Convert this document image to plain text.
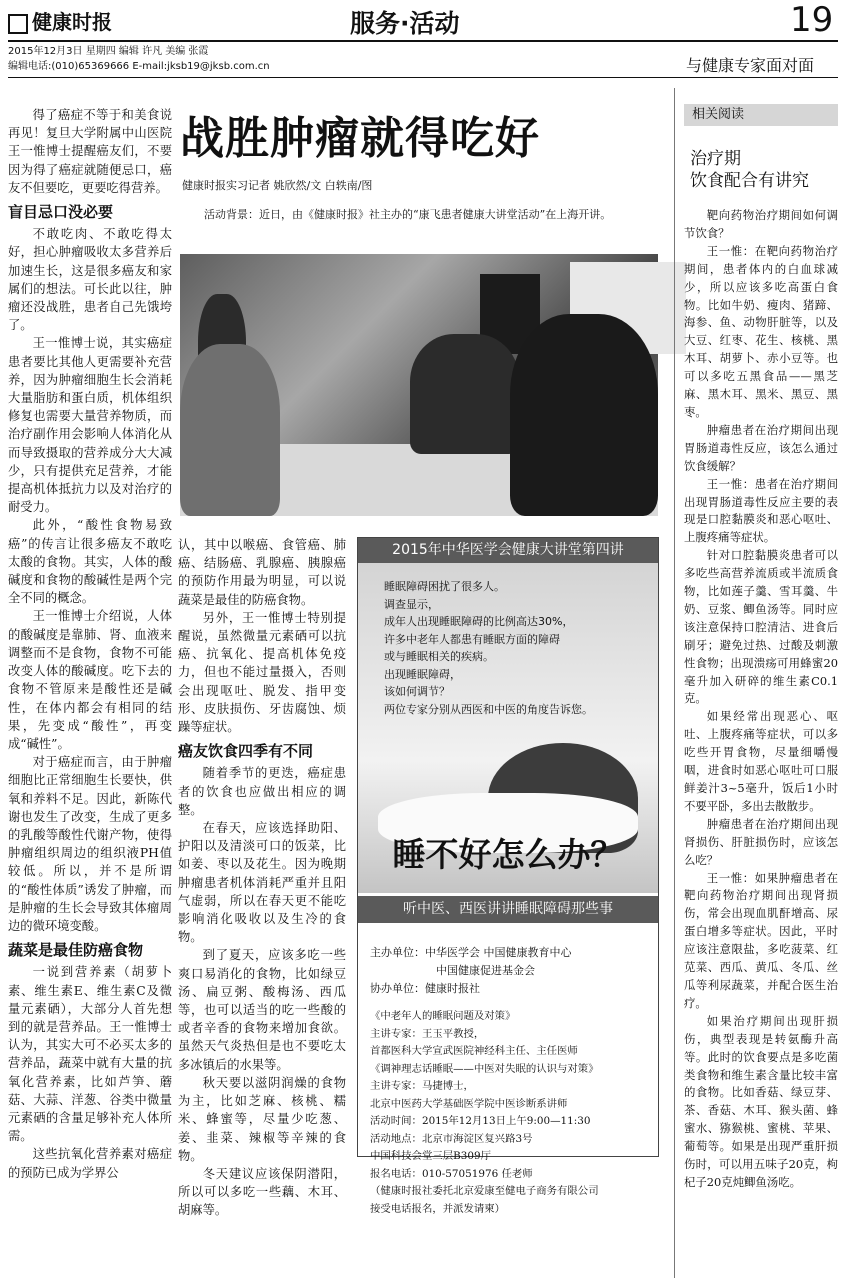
健康时报	服务·活动	19
2015年12月3日 星期四 编辑 许凡 美编 张霞
编辑电话:(010)65369666 E-mail:jksb19@jksb.com.cn	与健康专家面对面

得了癌症不等于和美食说再见！复旦大学附属中山医院王一惟博士提醒癌友们，不要因为得了癌症就随便忌口，癌友不但要吃，更要吃得营养。

盲目忌口没必要

不敢吃肉、不敢吃得太好，担心肿瘤吸收太多营养后加速生长，这是很多癌友和家属们的想法。可长此以往，肿瘤还没战胜，患者自己先饿垮了。

王一惟博士说，其实癌症患者要比其他人更需要补充营养，因为肿瘤细胞生长会消耗大量脂肪和蛋白质，机体组织修复也需要大量营养物质，而治疗副作用会影响人体消化从而导致摄取的营养成分大大减少，只有提供充足营养，才能提高机体抵抗力以及对治疗的耐受力。

此外，“酸性食物易致癌”的传言让很多癌友不敢吃太酸的食物。其实，人体的酸碱度和食物的酸碱性是两个完全不同的概念。

王一惟博士介绍说，人体的酸碱度是靠肺、肾、血液来调整而不是食物，食物不可能改变人体的酸碱度。吃下去的食物不管原来是酸性还是碱性，在体内都会有相同的结果，先变成“酸性”，再变成“碱性”。

对于癌症而言，由于肿瘤细胞比正常细胞生长要快，供氧和养料不足。因此，新陈代谢也发生了改变，生成了更多的乳酸等酸性代谢产物，使得肿瘤组织周边的组织液PH值较低。所以，并不是所谓的“酸性体质”诱发了肿瘤，而是肿瘤的生长会导致其体瘤周边的微环境变酸。

蔬菜是最佳防癌食物

一说到营养素（胡萝卜素、维生素E、维生素C及微量元素硒），大部分人首先想到的就是营养品。王一惟博士认为，其实大可不必买太多的营养品，蔬菜中就有大量的抗氧化营养素，比如芦笋、蘑菇、大蒜、洋葱、谷类中微量元素硒的含量足够补充人体所需。

这些抗氧化营养素对癌症的预防已成为学界公

战胜肿瘤就得吃好
健康时报实习记者 姚欣然/文 白轶南/图
活动背景：近日，由《健康时报》社主办的“康飞患者健康大讲堂活动”在上海开讲。

认，其中以喉癌、食管癌、肺癌、结肠癌、乳腺癌、胰腺癌的预防作用最为明显，可以说蔬菜是最佳的防癌食物。

另外，王一惟博士特别提醒说，虽然微量元素硒可以抗癌、抗氧化、提高机体免疫力，但也不能过量摄入，否则会出现呕吐、脱发、指甲变形、皮肤损伤、牙齿腐蚀、烦躁等症状。

癌友饮食四季有不同

随着季节的更迭，癌症患者的饮食也应做出相应的调整。

在春天，应该选择助阳、护阳以及清淡可口的饭菜，比如姜、枣以及花生。因为晚期肿瘤患者机体消耗严重并且阳气虚弱，所以在春天更不能吃影响消化吸收以及生冷的食物。

到了夏天，应该多吃一些爽口易消化的食物，比如绿豆汤、扁豆粥、酸梅汤、西瓜等，也可以适当的吃一些酸的或者辛香的食物来增加食欲。虽然天气炎热但是也不要吃太多冰镇后的水果等。

秋天要以滋阴润燥的食物为主，比如芝麻、核桃、糯米、蜂蜜等，尽量少吃葱、姜、韭菜、辣椒等辛辣的食物。

冬天建议应该保阴潜阳，所以可以多吃一些藕、木耳、胡麻等。

2015年中华医学会健康大讲堂第四讲
睡眠障碍困扰了很多人。
调查显示，
成年人出现睡眠障碍的比例高达30%，
许多中老年人都患有睡眠方面的障碍
或与睡眠相关的疾病。
出现睡眠障碍，
该如何调节？
两位专家分别从西医和中医的角度告诉您。
睡不好怎么办？
听中医、西医讲讲睡眠障碍那些事
主办单位：中华医学会 中国健康教育中心
中国健康促进基金会
协办单位：健康时报社
《中老年人的睡眠问题及对策》
主讲专家：王玉平教授，
首都医科大学宣武医院神经科主任、主任医师
《调神理志话睡眠——中医对失眠的认识与对策》
主讲专家：马捷博士，
北京中医药大学基础医学院中医诊断系讲师
活动时间：2015年12月13日上午9:00—11:30
活动地点：北京市海淀区复兴路3号
中国科技会堂三层B309厅
报名电话：010-57051976 任老师
（健康时报社委托北京爱康至健电子商务有限公司
接受电话报名，并派发请柬）
相关阅读
治疗期
饮食配合有讲究

靶向药物治疗期间如何调节饮食？

王一惟：在靶向药物治疗期间，患者体内的白血球减少，所以应该多吃高蛋白食物。比如牛奶、瘦肉、猪蹄、海参、鱼、动物肝脏等，以及大豆、红枣、花生、核桃、黑木耳、胡萝卜、赤小豆等。也可以多吃五黑食品——黑芝麻、黑木耳、黑米、黑豆、黑枣。

肿瘤患者在治疗期间出现胃肠道毒性反应，该怎么通过饮食缓解？

王一惟：患者在治疗期间出现胃肠道毒性反应主要的表现是口腔黏膜炎和恶心呕吐、上腹疼痛等症状。

针对口腔黏膜炎患者可以多吃些高营养流质或半流质食物，比如莲子羹、雪耳羹、牛奶、豆浆、鲫鱼汤等。同时应该注意保持口腔清洁、进食后刷牙；避免过热、过酸及刺激性食物；出现溃疡可用蜂蜜20毫升加入研碎的维生素C0.1克。

如果经常出现恶心、呕吐、上腹疼痛等症状，可以多吃些开胃食物，尽量细嚼慢咽，进食时如恶心呕吐可口服鲜姜汁3~5毫升，饭后1小时不要平卧，多出去散散步。

肿瘤患者在治疗期间出现肾损伤、肝脏损伤时，应该怎么吃？

王一惟：如果肿瘤患者在靶向药物治疗期间出现肾损伤，常会出现血肌酐增高、尿蛋白增多等症状。因此，平时应该注意限盐，多吃菠菜、红苋菜、西瓜、黄瓜、冬瓜、丝瓜等利尿蔬菜，并配合医生治疗。

如果治疗期间出现肝损伤，典型表现是转氨酶升高等。此时的饮食要点是多吃菌类食物和维生素含量比较丰富的食物。比如香菇、绿豆芽、茶、香菇、木耳、猴头菌、蜂蜜水、猕猴桃、蜜桃、苹果、葡萄等。如果是出现严重肝损伤时，可以用五味子20克，枸杞子20克炖鲫鱼汤吃。
